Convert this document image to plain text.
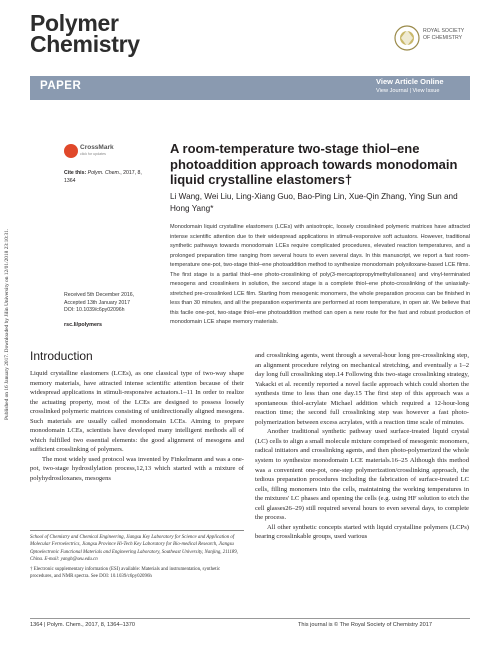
Polymer
Chemistry	ROYAL SOCIETY
OF CHEMISTRY
PAPER	View Article Online
View Journal | View Issue
Published on 16 January 2017. Downloaded by Jilin University on 12/01/2018 23:10:31.
CrossMark
click for updates
Cite this: Polym. Chem., 2017, 8, 1364
Received 5th December 2016,
Accepted 13th January 2017
DOI: 10.1039/c6py02096h
rsc.li/polymers
A room-temperature two-stage thiol–ene photoaddition approach towards monodomain liquid crystalline elastomers†
Li Wang, Wei Liu, Ling-Xiang Guo, Bao-Ping Lin, Xue-Qin Zhang, Ying Sun and Hong Yang*
Monodomain liquid crystalline elastomers (LCEs) with anisotropic, loosely crosslinked polymeric matrices have attracted intense scientific attention due to their widespread applications in stimuli-responsive soft actuators. However, traditional synthetic pathways towards monodomain LCEs require complicated procedures, elevated reaction temperatures, and a prolonged preparation time ranging from several hours to even several days. In this manuscript, we report a fast room-temperature one-pot, two-stage thiol–ene photoaddition method to synthesize monodomain polysiloxane-based LCE films. The first stage is a partial thiol–ene photo-crosslinking of poly(3-mercaptopropylmethylsiloxanes) and vinyl-terminated mesogens and crosslinkers in solution, the second stage is a complete thiol–ene photo-crosslinking of the uniaxially-stretched pre-crosslinked LCE film. Starting from mesogenic monomers, the whole preparation process can be finished in less than 30 minutes, and all the preparation experiments are performed at room temperature, in open air. We believe that this facile one-pot, two-stage thiol–ene photoaddition method can open a new route for the fast and robust production of monodomain LCE shape memory materials.
Introduction

Liquid crystalline elastomers (LCEs), as one classical type of two-way shape memory materials, have attracted intense scientific attention because of their widespread applications in stimuli-responsive actuators.1–11 In order to realize the actuating property, most of the LCEs are designed to possess loosely crosslinked polymeric matrices consisting of unidirectionally aligned mesogens. Such materials are usually called monodomain LCEs. Aiming to prepare monodomain LCEs, scientists have developed many intelligent methods all of which fulfilled two essential elements: the good alignment of mesogens and sufficient crosslinking of polymers.

The most widely used protocol was invented by Finkelmann and was a one-pot, two-stage hydrosilylation process,12,13 which started with a mixture of polyhydrosiloxanes, mesogens

School of Chemistry and Chemical Engineering, Jiangsu Key Laboratory for Science and Application of Molecular Ferroelectrics, Jiangsu Province Hi-Tech Key Laboratory for Bio-medical Research, Jiangsu Optoelectronic Functional Materials and Engineering Laboratory, Southeast University, Nanjing, 211189, China. E-mail: yangh@seu.edu.cn

† Electronic supplementary information (ESI) available: Materials and instrumentation, synthetic procedures, and NMR spectra. See DOI: 10.1039/c6py02096h

and crosslinking agents, went through a several-hour long pre-crosslinking step, an alignment procedure relying on mechanical stretching, and eventually a 1–2 day long full crosslinking step.14 Following this two-stage crosslinking strategy, Yakacki et al. recently reported a novel facile approach which could shorten the synthesis time to less than one day.15 The first step of this approach was a spontaneous thiol-acrylate Michael addition which required a 12-hour-long reaction time; the second full crosslinking step was however a fast photo-polymerization between excess acrylates, with a reaction time scale of minutes.

Another traditional synthetic pathway used surface-treated liquid crystal (LC) cells to align a small molecule mixture comprised of mesogenic monomers, radical initiators and crosslinking agents, and then photo-polymerized the whole system to synthesize monodomain LCE materials.16–25 Although this method was a convenient one-pot, one-step polymerization/crosslinking approach, the tedious preparation procedures including the fabrication of surface-treated LC cells, filling monomers into the cells, maintaining the working temperatures in the mixtures' LC phases and opening the cells (e.g. using HF solution to etch the cell glasses26–29) still required several hours to even several days, to complete the process.

All other synthetic concepts started with liquid crystalline polymers (LCPs) bearing crosslinkable groups, used various

1364 | Polym. Chem., 2017, 8, 1364–1370	This journal is © The Royal Society of Chemistry 2017
